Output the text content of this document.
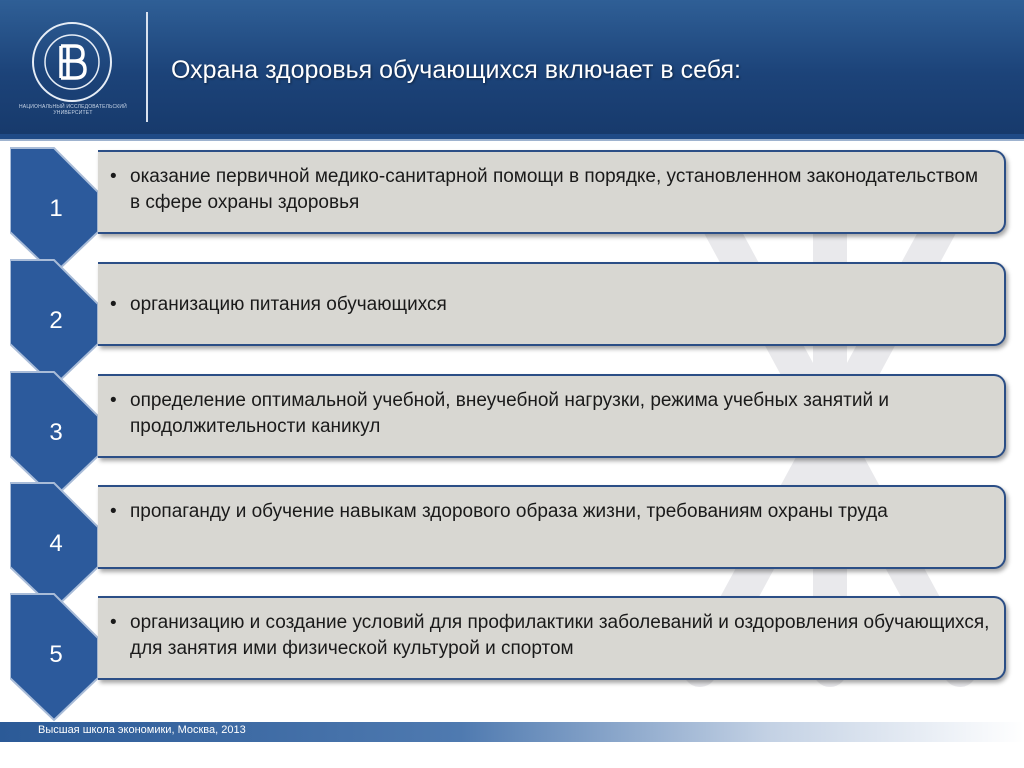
НАЦИОНАЛЬНЫЙ ИССЛЕДОВАТЕЛЬСКИЙ УНИВЕРСИТЕТ
Охрана здоровья обучающихся включает в себя:
1
• оказание первичной медико-санитарной помощи в порядке, установленном законодательством в сфере охраны здоровья
2
• организацию питания обучающихся
3
• определение оптимальной учебной, внеучебной нагрузки, режима учебных занятий и продолжительности каникул
4
• пропаганду и обучение навыкам здорового образа жизни, требованиям охраны труда
5
• организацию и создание условий для профилактики заболеваний и оздоровления обучающихся, для занятия ими физической культурой и спортом
Высшая школа экономики, Москва, 2013
